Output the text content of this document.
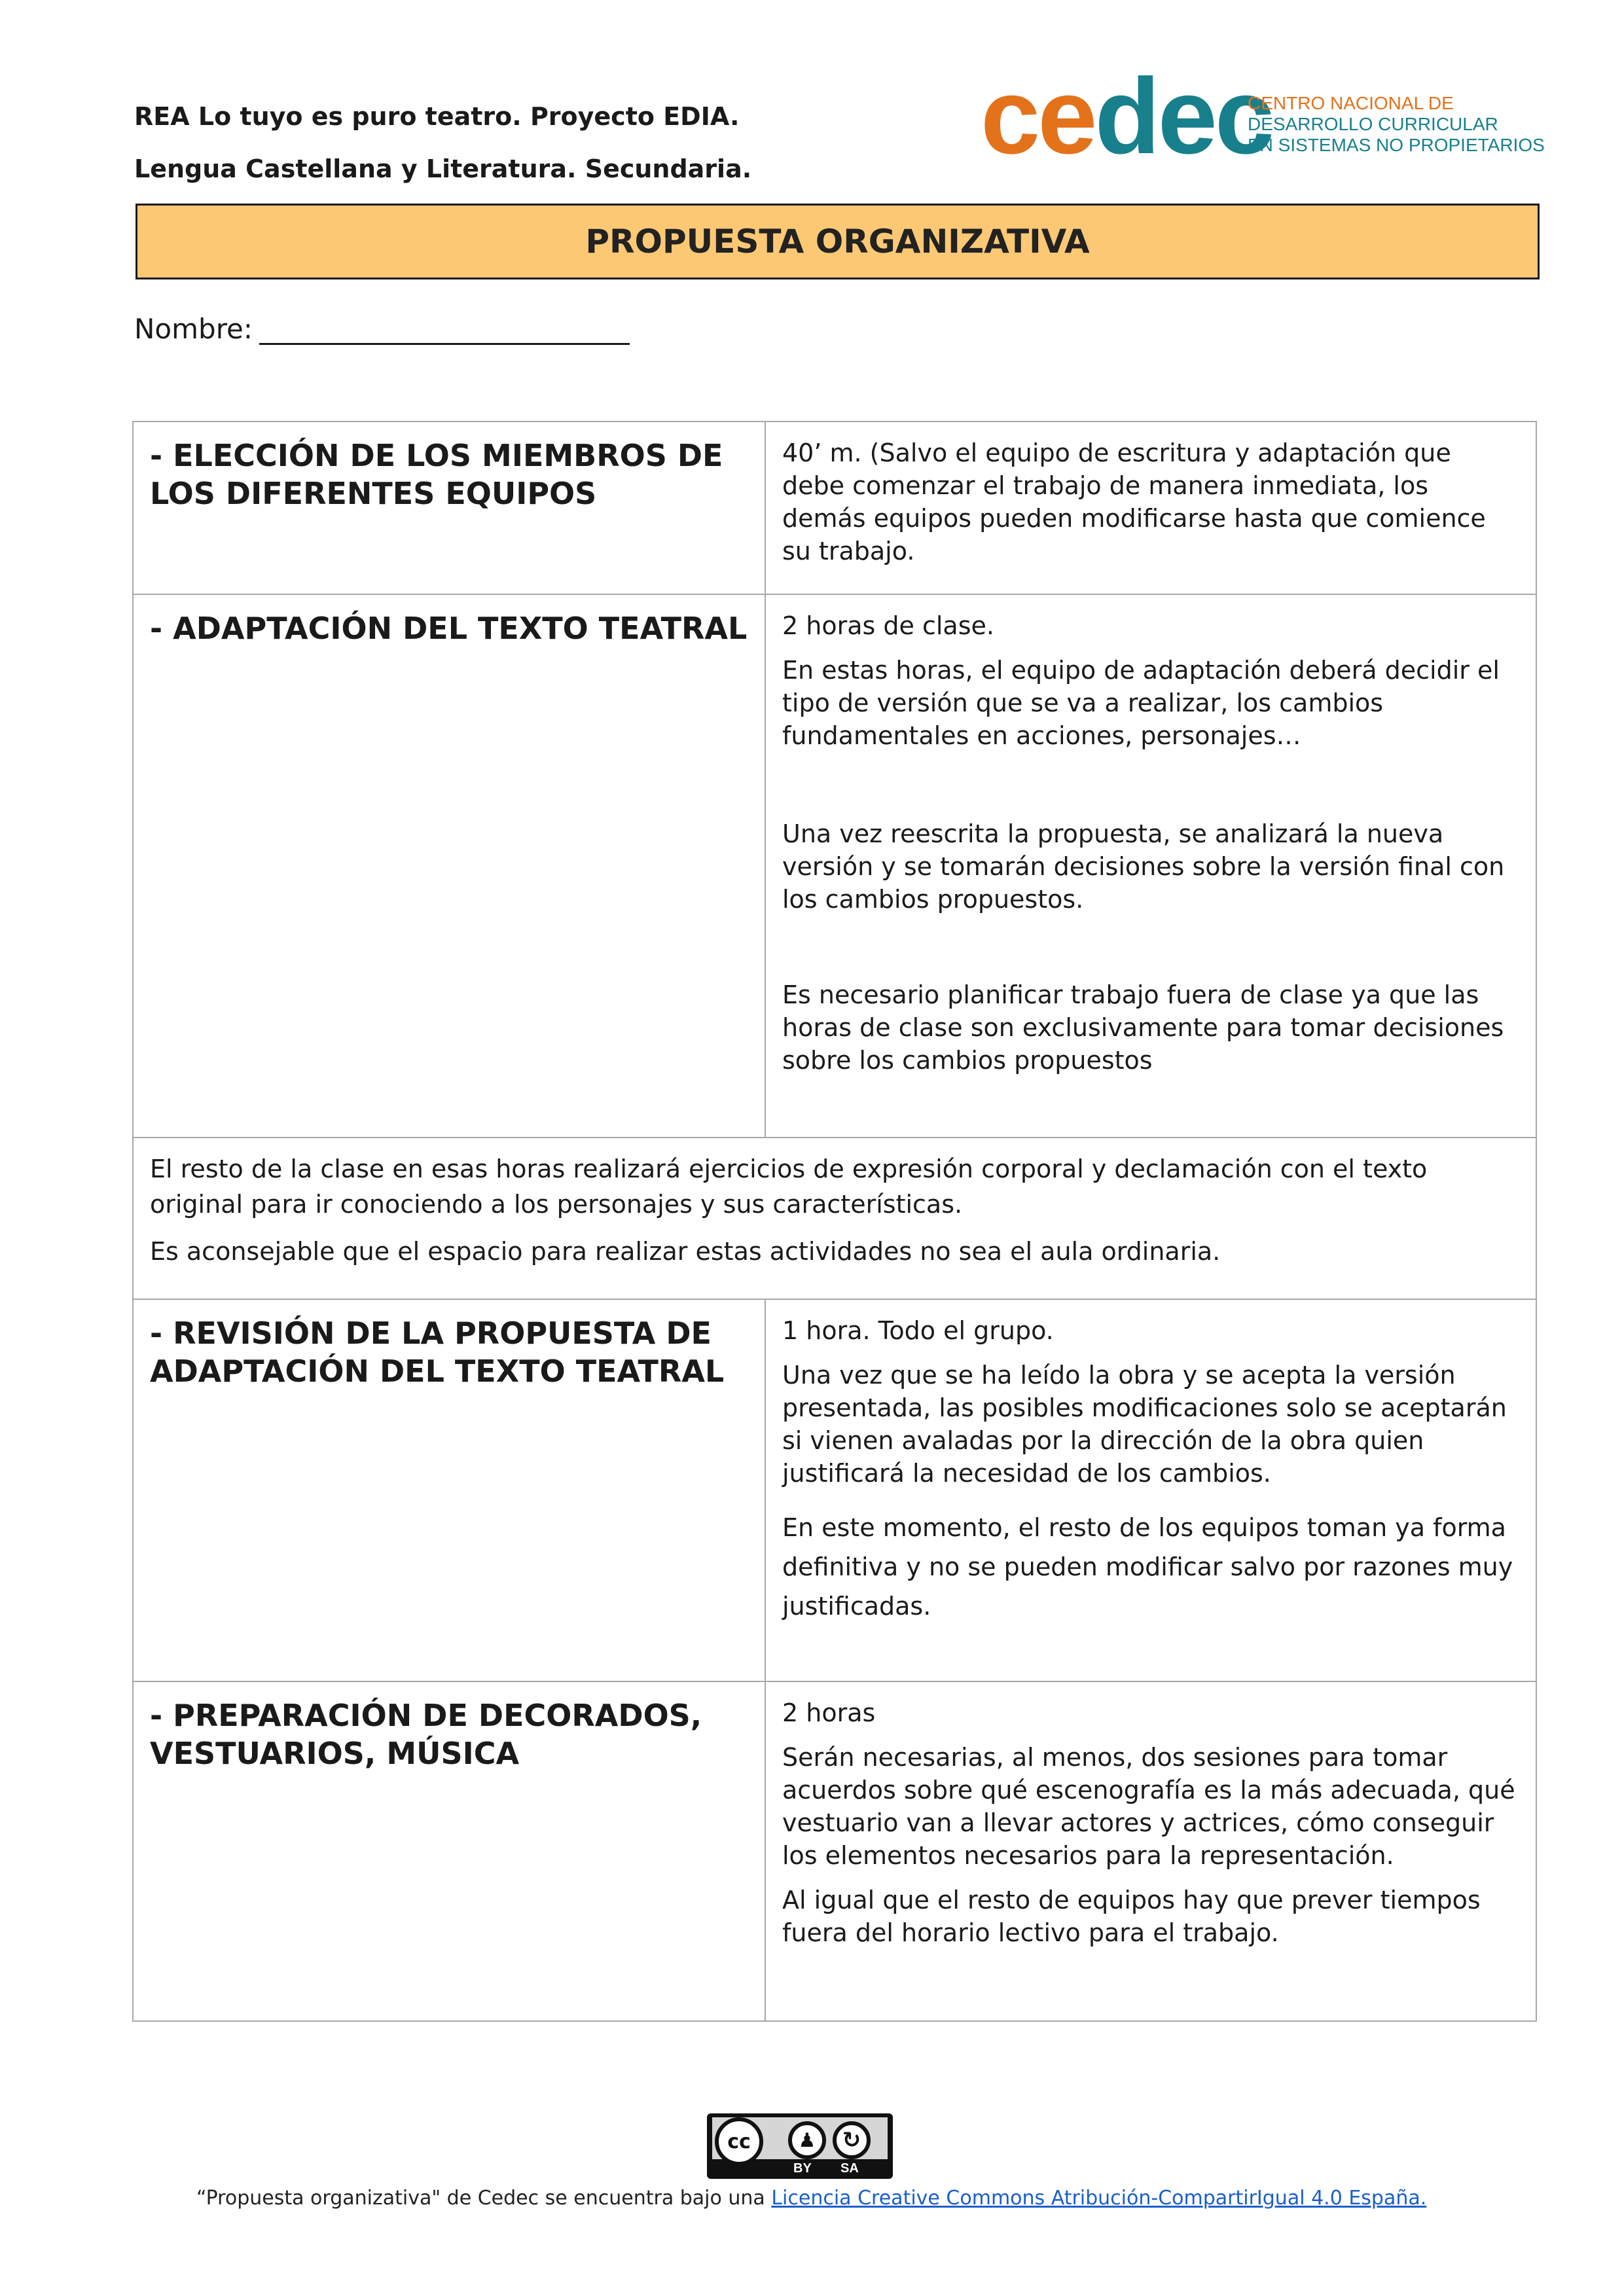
REA Lo tuyo es puro teatro. Proyecto EDIA.
Lengua Castellana y Literatura. Secundaria.	cedec
CENTRO NACIONAL DE
DESARROLLO CURRICULAR
EN SISTEMAS NO PROPIETARIOS
PROPUESTA ORGANIZATIVA
Nombre:
- ELECCIÓN DE LOS MIEMBROS DE LOS DIFERENTES EQUIPOS	40’ m. (Salvo el equipo de escritura y adaptación que debe comenzar el trabajo de manera inmediata, los demás equipos pueden modificarse hasta que comience su trabajo.

- ADAPTACIÓN DEL TEXTO TEATRAL	2 horas de clase.

En estas horas, el equipo de adaptación deberá decidir el tipo de versión que se va a realizar, los cambios fundamentales en acciones, personajes…

Una vez reescrita la propuesta, se analizará la nueva versión y se tomarán decisiones sobre la versión final con los cambios propuestos.

Es necesario planificar trabajo fuera de clase ya que las horas de clase son exclusivamente para tomar decisiones sobre los cambios propuestos

El resto de la clase en esas horas realizará ejercicios de expresión corporal y declamación con el texto original para ir conociendo a los personajes y sus características.

Es aconsejable que el espacio para realizar estas actividades no sea el aula ordinaria.	

- REVISIÓN DE LA PROPUESTA DE ADAPTACIÓN DEL TEXTO TEATRAL	1 hora. Todo el grupo.

Una vez que se ha leído la obra y se acepta la versión presentada, las posibles modificaciones solo se aceptarán si vienen avaladas por la dirección de la obra quien justificará la necesidad de los cambios.

En este momento, el resto de los equipos toman ya forma definitiva y no se pueden modificar salvo por razones muy justificadas.

- PREPARACIÓN DE DECORADOS, VESTUARIOS, MÚSICA	2 horas

Serán necesarias, al menos, dos sesiones para tomar acuerdos sobre qué escenografía es la más adecuada, qué vestuario van a llevar actores y actrices, cómo conseguir los elementos necesarios para la representación.

Al igual que el resto de equipos hay que prever tiempos fuera del horario lectivo para el trabajo.

cc	♟	↻
BY SA
“Propuesta organizativa" de Cedec se encuentra bajo una Licencia Creative Commons Atribución-CompartirIgual 4.0 España.
